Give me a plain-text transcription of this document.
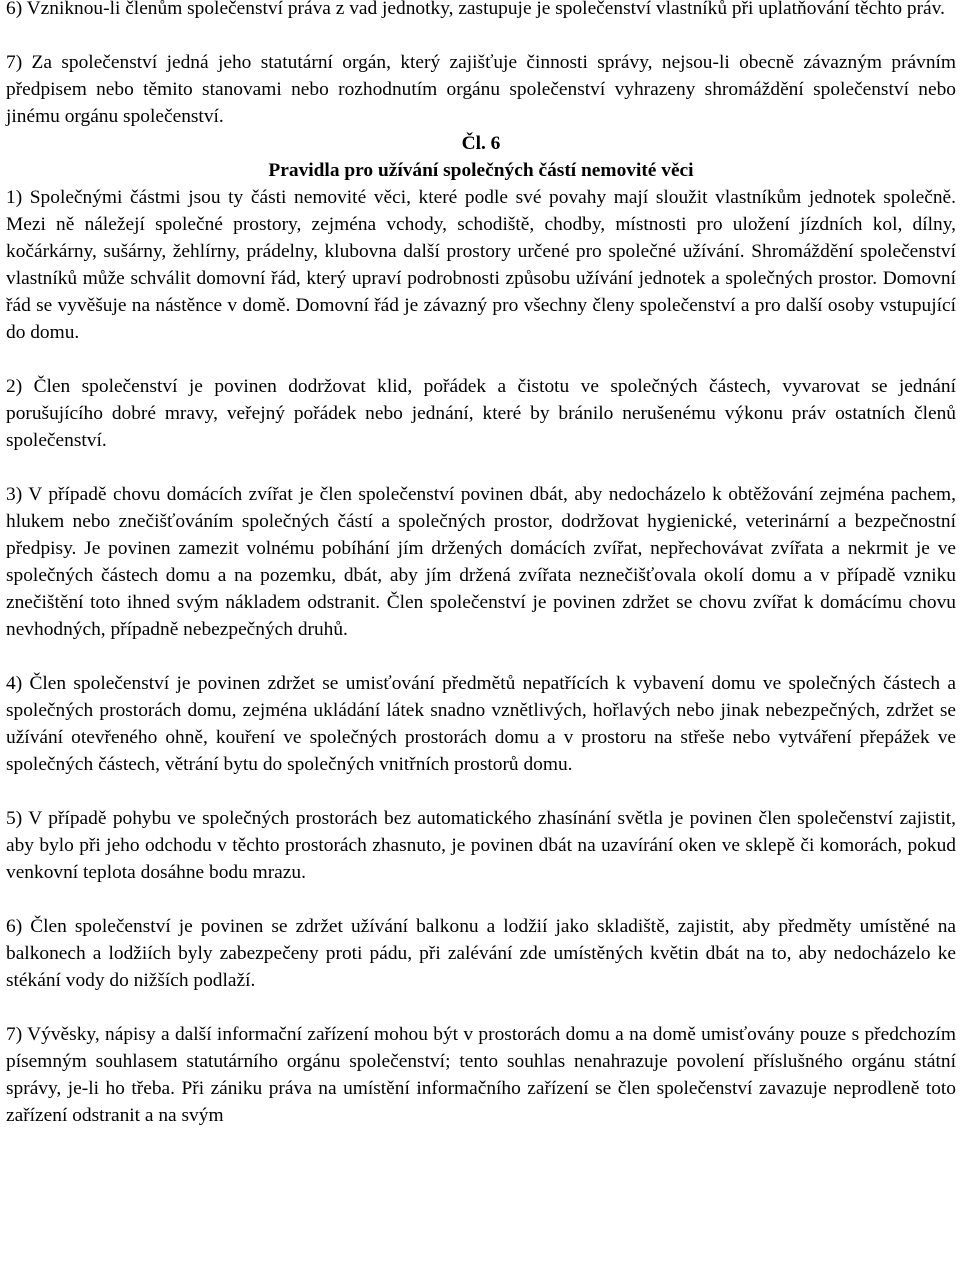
6) Vzniknou-li členům společenství práva z vad jednotky, zastupuje je společenství vlastníků při uplatňování těchto práv.

7) Za společenství jedná jeho statutární orgán, který zajišťuje činnosti správy, nejsou-li obecně závazným právním předpisem nebo těmito stanovami nebo rozhodnutím orgánu společenství vyhrazeny shromáždění společenství nebo jinému orgánu společenství.

Čl. 6

Pravidla pro užívání společných částí nemovité věci

1) Společnými částmi jsou ty části nemovité věci, které podle své povahy mají sloužit vlastníkům jednotek společně. Mezi ně náležejí společné prostory, zejména vchody, schodiště, chodby, místnosti pro uložení jízdních kol, dílny, kočárkárny, sušárny, žehlírny, prádelny, klubovna další prostory určené pro společné užívání. Shromáždění společenství vlastníků může schválit domovní řád, který upraví podrobnosti způsobu užívání jednotek a společných prostor. Domovní řád se vyvěšuje na nástěnce v domě. Domovní řád je závazný pro všechny členy společenství a pro další osoby vstupující do domu.

2) Člen společenství je povinen dodržovat klid, pořádek a čistotu ve společných částech, vyvarovat se jednání porušujícího dobré mravy, veřejný pořádek nebo jednání, které by bránilo nerušenému výkonu práv ostatních členů společenství.

3) V případě chovu domácích zvířat je člen společenství povinen dbát, aby nedocházelo k obtěžování zejména pachem, hlukem nebo znečišťováním společných částí a společných prostor, dodržovat hygienické, veterinární a bezpečnostní předpisy. Je povinen zamezit volnému pobíhání jím držených domácích zvířat, nepřechovávat zvířata a nekrmit je ve společných částech domu a na pozemku, dbát, aby jím držená zvířata neznečišťovala okolí domu a v případě vzniku znečištění toto ihned svým nákladem odstranit. Člen společenství je povinen zdržet se chovu zvířat k domácímu chovu nevhodných, případně nebezpečných druhů.

4) Člen společenství je povinen zdržet se umisťování předmětů nepatřících k vybavení domu ve společných částech a společných prostorách domu, zejména ukládání látek snadno vznětlivých, hořlavých nebo jinak nebezpečných, zdržet se užívání otevřeného ohně, kouření ve společných prostorách domu a v prostoru na střeše nebo vytváření přepážek ve společných částech, větrání bytu do společných vnitřních prostorů domu.

5) V případě pohybu ve společných prostorách bez automatického zhasínání světla je povinen člen společenství zajistit, aby bylo při jeho odchodu v těchto prostorách zhasnuto, je povinen dbát na uzavírání oken ve sklepě či komorách, pokud venkovní teplota dosáhne bodu mrazu.

6) Člen společenství je povinen se zdržet užívání balkonu a lodžií jako skladiště, zajistit, aby předměty umístěné na balkonech a lodžiích byly zabezpečeny proti pádu, při zalévání zde umístěných květin dbát na to, aby nedocházelo ke stékání vody do nižších podlaží.

7) Vývěsky, nápisy a další informační zařízení mohou být v prostorách domu a na domě umisťovány pouze s předchozím písemným souhlasem statutárního orgánu společenství; tento souhlas nenahrazuje povolení příslušného orgánu státní správy, je-li ho třeba. Při zániku práva na umístění informačního zařízení se člen společenství zavazuje neprodleně toto zařízení odstranit a na svým
